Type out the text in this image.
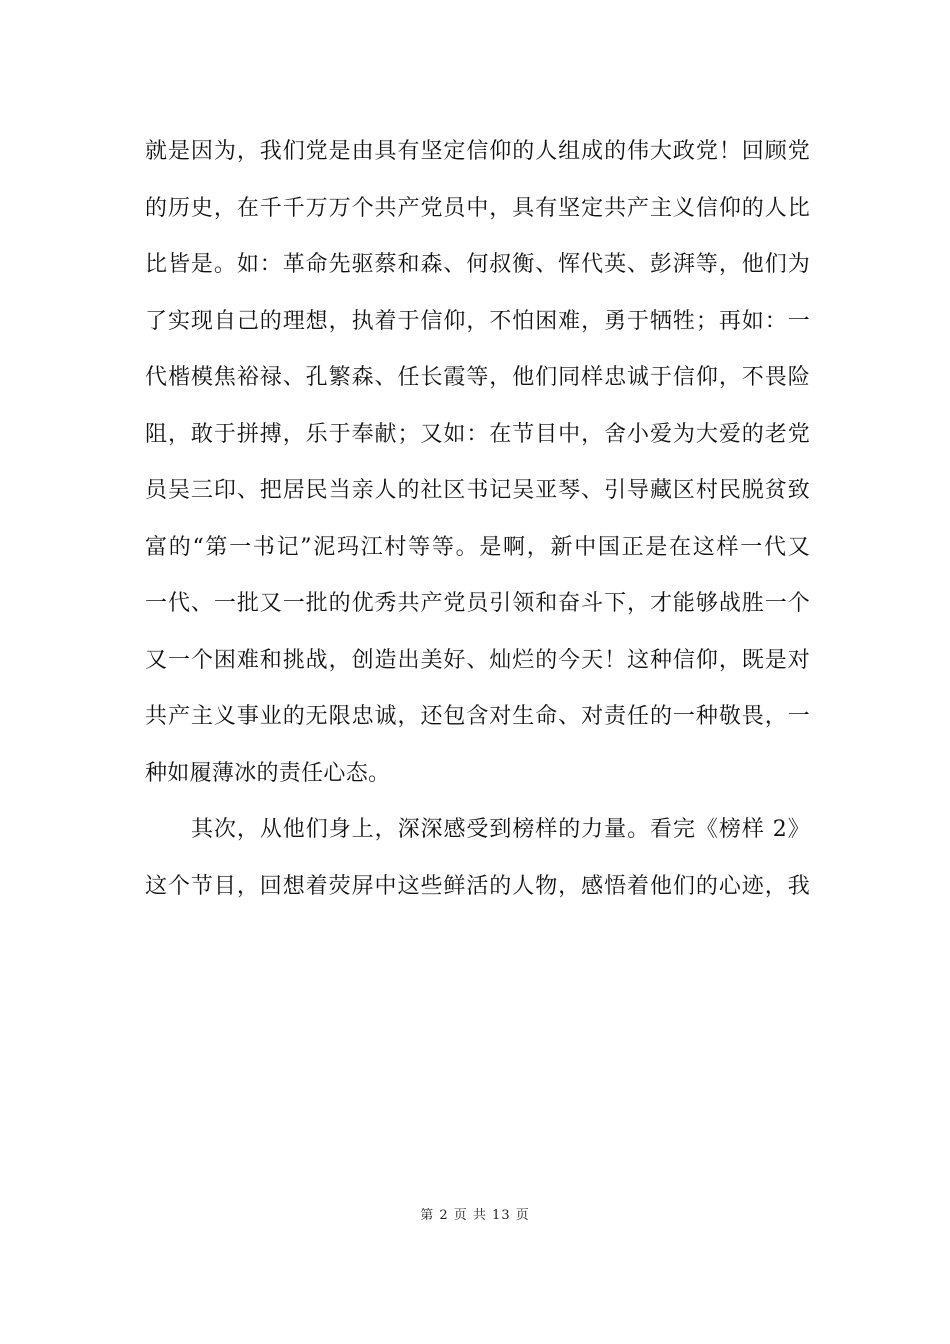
就是因为，我们党是由具有坚定信仰的人组成的伟大政党！回顾党
的历史，在千千万万个共产党员中，具有坚定共产主义信仰的人比
比皆是。如：革命先驱蔡和森、何叔衡、恽代英、彭湃等，他们为
了实现自己的理想，执着于信仰，不怕困难，勇于牺牲；再如：一
代楷模焦裕禄、孔繁森、任长霞等，他们同样忠诚于信仰，不畏险
阻，敢于拼搏，乐于奉献；又如：在节目中，舍小爱为大爱的老党
员吴三印、把居民当亲人的社区书记吴亚琴、引导藏区村民脱贫致
富的“第一书记”泥玛江村等等。是啊，新中国正是在这样一代又
一代、一批又一批的优秀共产党员引领和奋斗下，才能够战胜一个
又一个困难和挑战，创造出美好、灿烂的今天！这种信仰，既是对
共产主义事业的无限忠诚，还包含对生命、对责任的一种敬畏，一
种如履薄冰的责任心态。
其次，从他们身上，深深感受到榜样的力量。看完《榜样 2》
这个节目，回想着荧屏中这些鲜活的人物，感悟着他们的心迹，我
第 2 页 共 13 页
